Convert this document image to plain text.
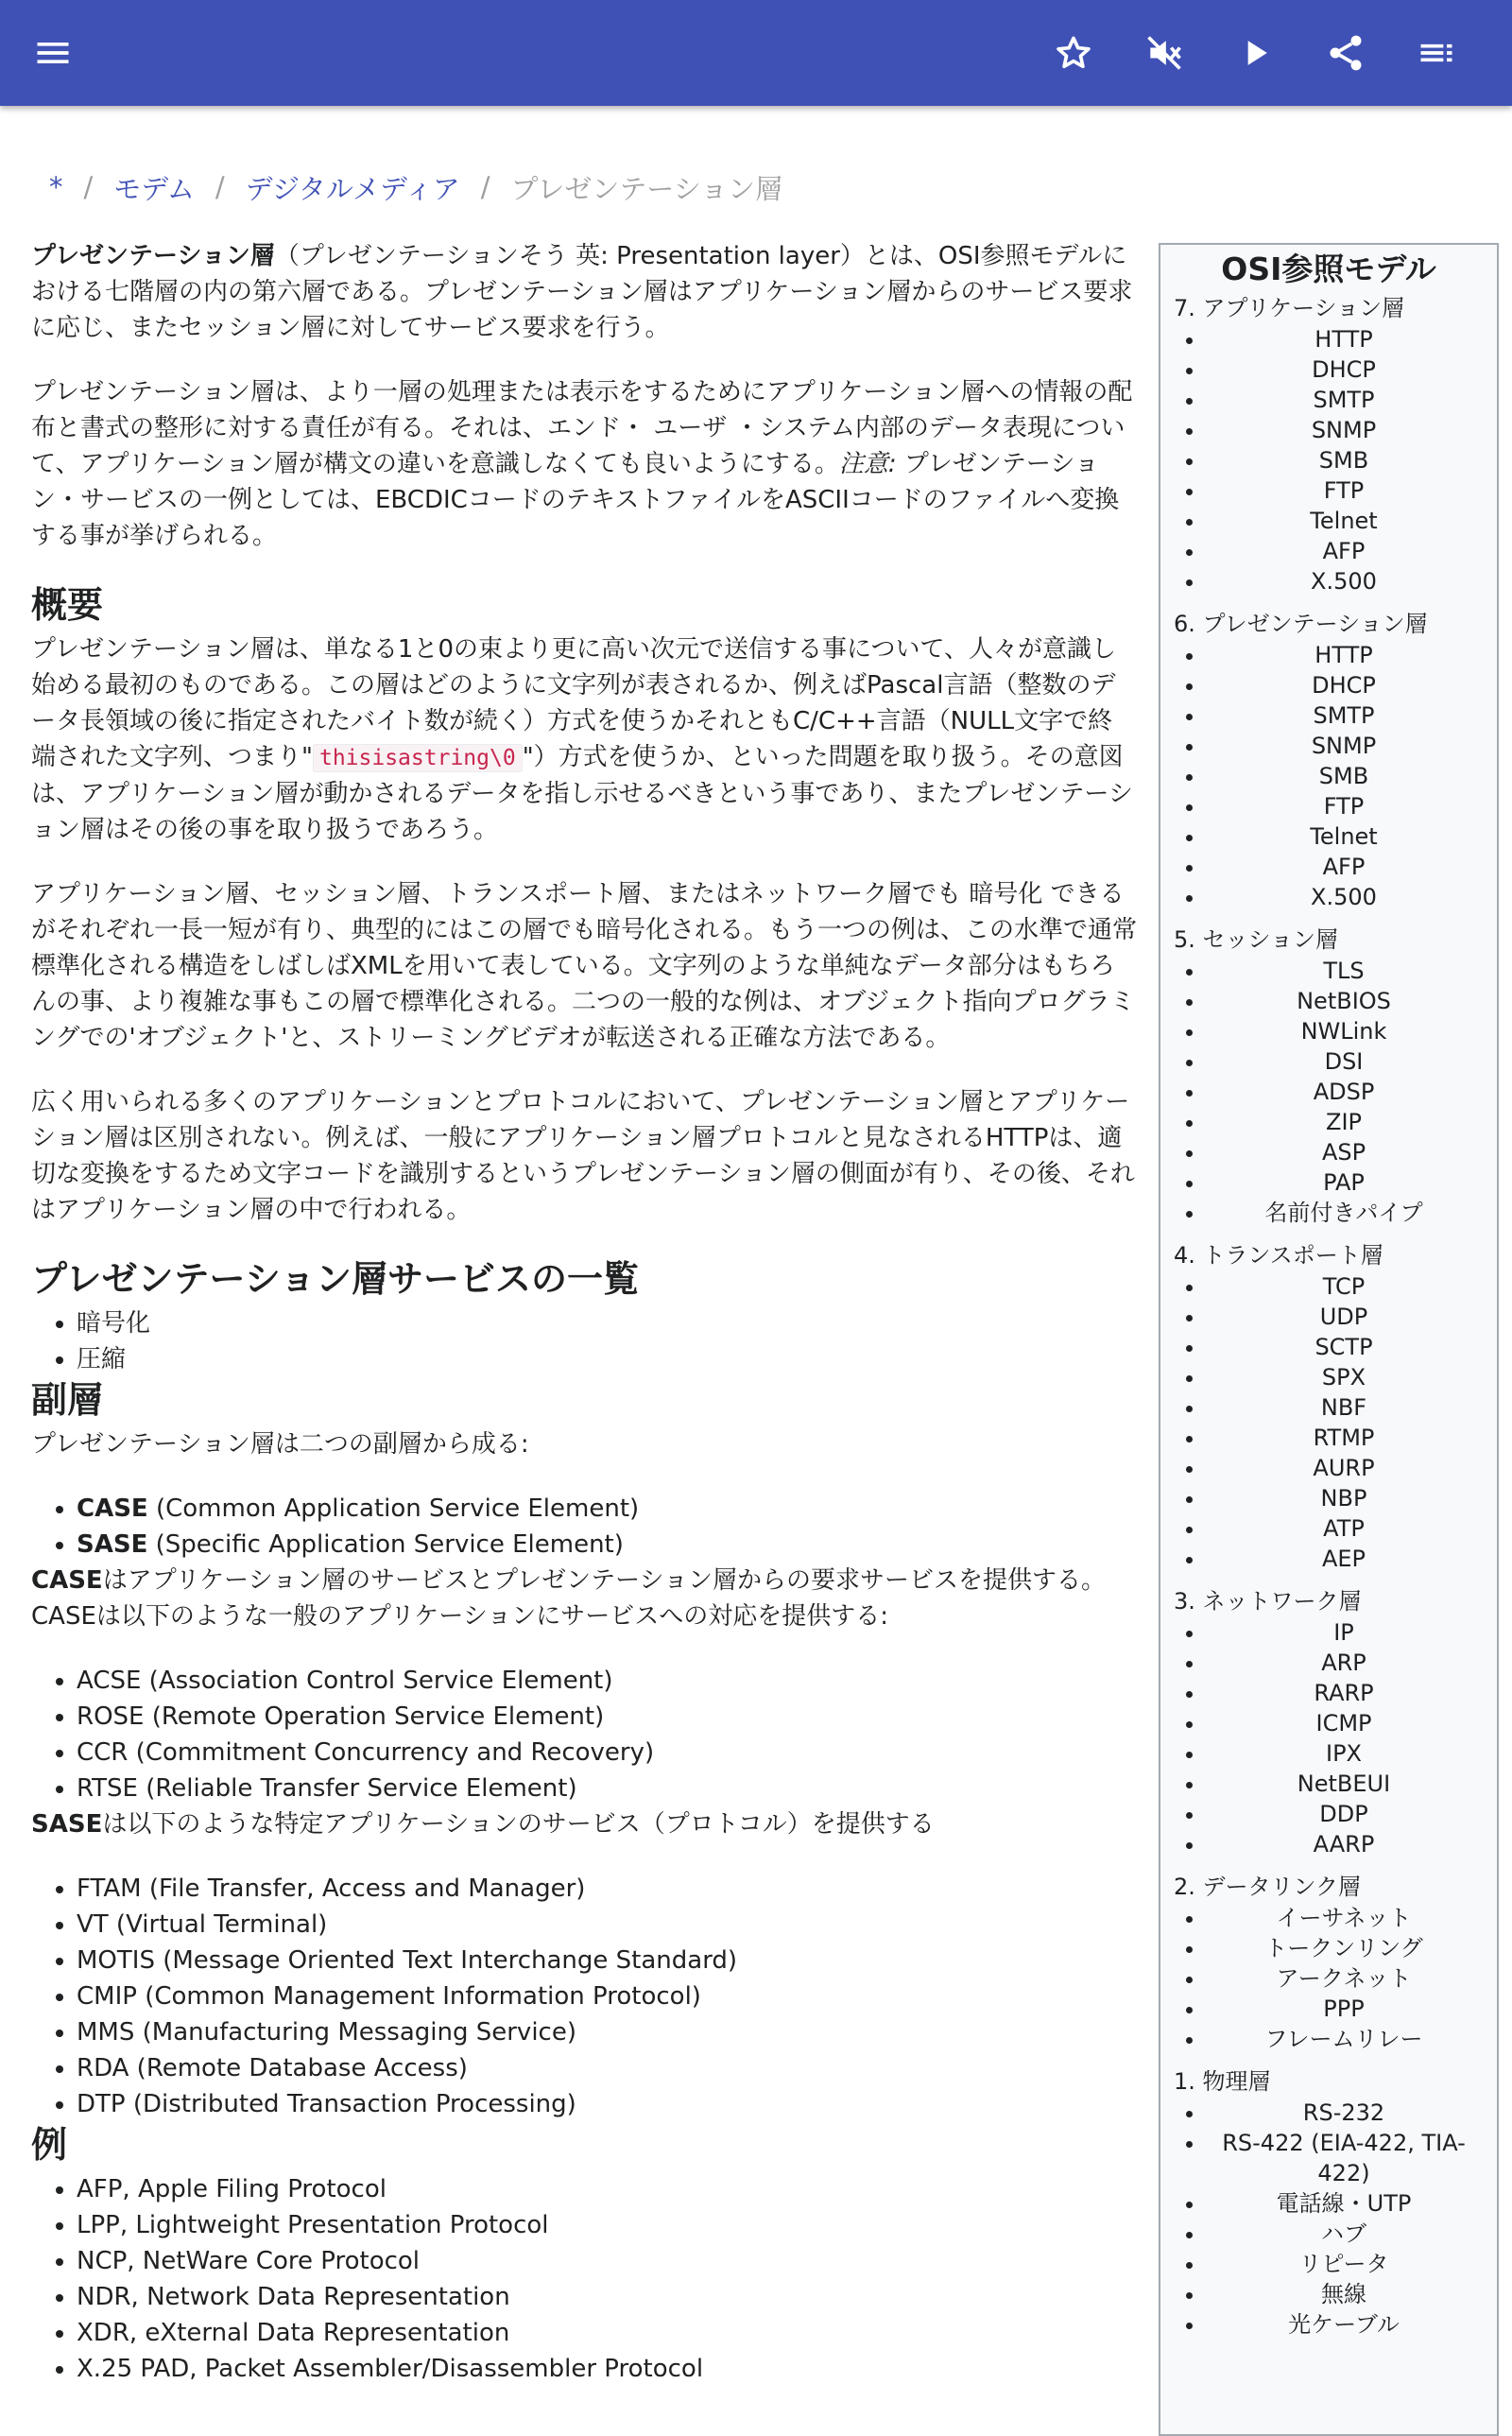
* / モデム / デジタルメディア / プレゼンテーション層

プレゼンテーション層（プレゼンテーションそう 英: Presentation layer）とは、OSI参照モデルにおける七階層の内の第六層である。プレゼンテーション層はアプリケーション層からのサービス要求に応じ、またセッション層に対してサービス要求を行う。

プレゼンテーション層は、より一層の処理または表示をするためにアプリケーション層への情報の配布と書式の整形に対する責任が有る。それは、エンド・ ユーザ ・システム内部のデータ表現について、アプリケーション層が構文の違いを意識しなくても良いようにする。注意: プレゼンテーション・サービスの一例としては、EBCDICコードのテキストファイルをASCIIコードのファイルへ変換する事が挙げられる。

概要

プレゼンテーション層は、単なる1と0の束より更に高い次元で送信する事について、人々が意識し始める最初のものである。この層はどのように文字列が表されるか、例えばPascal言語（整数のデータ長領域の後に指定されたバイト数が続く）方式を使うかそれともC/C++言語（NULL文字で終端された文字列、つまり" thisisastring\0 "）方式を使うか、といった問題を取り扱う。その意図は、アプリケーション層が動かされるデータを指し示せるべきという事であり、またプレゼンテーション層はその後の事を取り扱うであろう。

アプリケーション層、セッション層、トランスポート層、またはネットワーク層でも 暗号化 できるがそれぞれ一長一短が有り、典型的にはこの層でも暗号化される。もう一つの例は、この水準で通常標準化される構造をしばしばXMLを用いて表している。文字列のような単純なデータ部分はもちろんの事、より複雑な事もこの層で標準化される。二つの一般的な例は、オブジェクト指向プログラミングでの'オブジェクト'と、ストリーミングビデオが転送される正確な方法である。

広く用いられる多くのアプリケーションとプロトコルにおいて、プレゼンテーション層とアプリケーション層は区別されない。例えば、一般にアプリケーション層プロトコルと見なされるHTTPは、適切な変換をするため文字コードを識別するというプレゼンテーション層の側面が有り、その後、それはアプリケーション層の中で行われる。

プレゼンテーション層サービスの一覧
• 暗号化
• 圧縮
副層

プレゼンテーション層は二つの副層から成る:

• CASE (Common Application Service Element)
• SASE (Specific Application Service Element)
CASEはアプリケーション層のサービスとプレゼンテーション層からの要求サービスを提供する。

CASEは以下のような一般のアプリケーションにサービスへの対応を提供する:

• ACSE (Association Control Service Element)
• ROSE (Remote Operation Service Element)
• CCR (Commitment Concurrency and Recovery)
• RTSE (Reliable Transfer Service Element)

SASEは以下のような特定アプリケーションのサービス（プロトコル）を提供する

• FTAM (File Transfer, Access and Manager)
• VT (Virtual Terminal)
• MOTIS (Message Oriented Text Interchange Standard)
• CMIP (Common Management Information Protocol)
• MMS (Manufacturing Messaging Service)
• RDA (Remote Database Access)
• DTP (Distributed Transaction Processing)
例
• AFP, Apple Filing Protocol
• LPP, Lightweight Presentation Protocol
• NCP, NetWare Core Protocol
• NDR, Network Data Representation
• XDR, eXternal Data Representation
• X.25 PAD, Packet Assembler/Disassembler Protocol
OSI参照モデル
7. アプリケーション層
• HTTP
• DHCP
• SMTP
• SNMP
• SMB
• FTP
• Telnet
• AFP
• X.500
6. プレゼンテーション層
• HTTP
• DHCP
• SMTP
• SNMP
• SMB
• FTP
• Telnet
• AFP
• X.500
5. セッション層
• TLS
• NetBIOS
• NWLink
• DSI
• ADSP
• ZIP
• ASP
• PAP
• 名前付きパイプ
4. トランスポート層
• TCP
• UDP
• SCTP
• SPX
• NBF
• RTMP
• AURP
• NBP
• ATP
• AEP
3. ネットワーク層
• IP
• ARP
• RARP
• ICMP
• IPX
• NetBEUI
• DDP
• AARP
2. データリンク層
• イーサネット
• トークンリング
• アークネット
• PPP
• フレームリレー
1. 物理層
• RS-232
• RS-422 (EIA-422, TIA-422)
• 電話線・UTP
• ハブ
• リピータ
• 無線
• 光ケーブル
